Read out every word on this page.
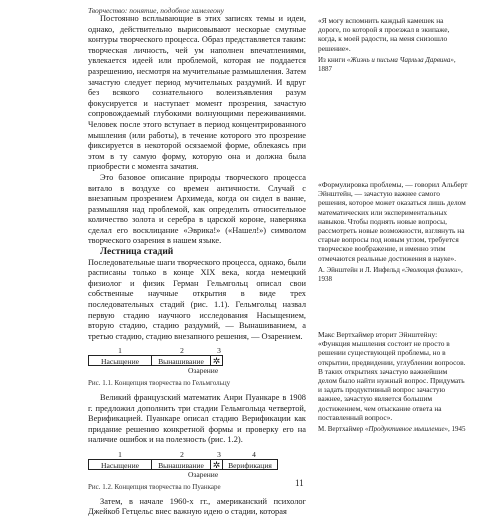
Творчество: понятие, подобное хамелеону

Постоянно всплывающие в этих записях темы и идеи, однако, действительно вырисовывают нескорые смутные контуры творческого процесса. Образ представляется таким: творческая личность, чей ум наполнен впечатлениями, увлекается идеей или проблемой, которая не поддается разрешению, несмотря на мучительные размышления. Затем зачастую следует период мучительных раздумий. И вдруг без всякого сознательного волеизъявления разум фокусируется и наступает момент прозрения, зачастую сопровождаемый глубокими волнующими переживаниями. Человек после этого вступает в период концентрированного мышления (или работы), в течение которого это прозрение фиксируется в некоторой осязаемой форме, облекаясь при этом в ту самую форму, которую она и должна была приобрести с момента зачатия.

Это базовое описание природы творческого процесса витало в воздухе со времен античности. Случай с внезапным прозрением Архимеда, когда он сидел в ванне, размышляя над проблемой, как определить относительное количество золота и серебра в царской короне, наверняка сделал его восклицание «Эврика!» («Нашел!») символом творческого озарения в нашем языке.

Лестница стадий

Последовательные шаги творческого процесса, однако, были расписаны только в конце XIX века, когда немецкий физиолог и физик Герман Гельмгольц описал свои собственные научные открытия в виде трех последовательных стадий (рис. 1.1). Гельмгольц назвал первую стадию научного исследования Насыщением, вторую стадию, стадию раздумий, — Вынашиванием, а третью стадию, стадию внезапного решения, — Озарением.

1	2	3
Насыщение	Вынашивание ✲
Озарение
Рис. 1.1. Концепция творчества по Гельмгольцу

Великий французский математик Анри Пуанкаре в 1908 г. предложил дополнить три стадии Гельмгольца четвертой, Верификацией. Пуанкаре описал стадию Верификации как придание решению конкретной формы и проверку его на наличие ошибок и на полезность (рис. 1.2).

1	2	3	4
Насыщение	Вынашивание ✲	Верификация
Озарение
Рис. 1.2. Концепция творчества по Пуанкаре

Затем, в начале 1960-х гг., американский психолог Джейкоб Гетцельс внес важную идею о стадии, которая

«Я могу вспомнить каждый камешек на дороге, по которой я проезжал в экипаже, когда, к моей радости, на меня снизошло решение».
Из книги «Жизнь и письма Чарльза Дарвина», 1887
«Формулировка проблемы, — говорил Альберт Эйнштейн, — зачастую важнее самого решения, которое может оказаться лишь делом математических или экспериментальных навыков. Чтобы поднять новые вопросы, рассмотреть новые возможности, взглянуть на старые вопросы под новым углом, требуется творческое воображение, и именно этим отмечаются реальные достижения в науке».
А. Эйнштейн и Л. Инфельд «Эволюция физики», 1938
Макс Вертхаймер вторит Эйнштейну: «Функция мышления состоит не просто в решении существующей проблемы, но в открытии, предвидении, углублении вопросов. В таких открытиях зачастую важнейшим делом было найти нужный вопрос. Придумать и задать продуктивный вопрос зачастую важнее, зачастую является большим достижением, чем отыскание ответа на поставленный вопрос».
М. Вертхаймер «Продуктивное мышление», 1945
11
